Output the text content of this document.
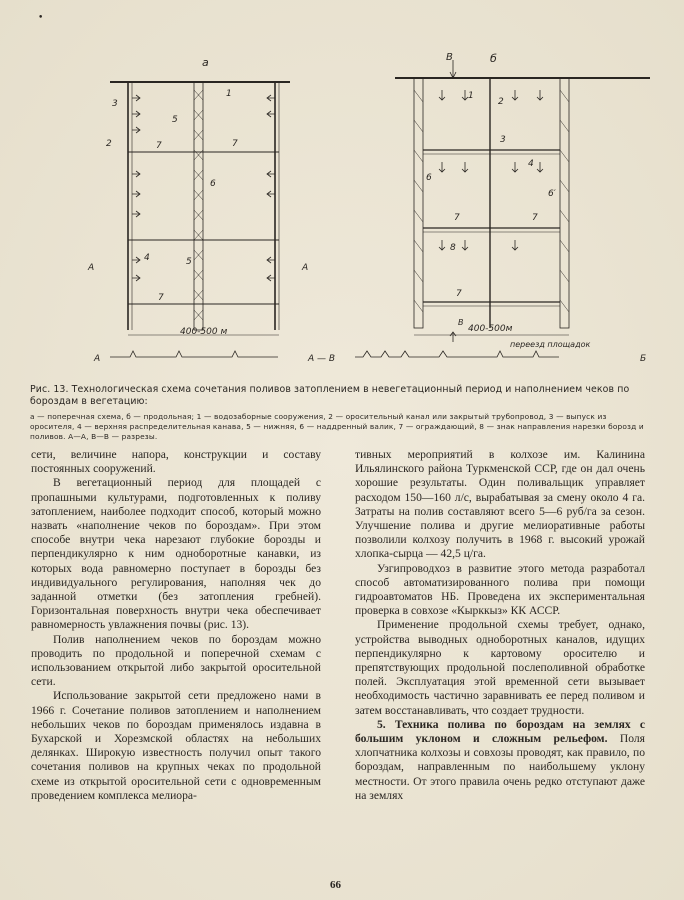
•
а	В	б
400-500 м	400-500м
А	А
А	А — В	Б
В
переезд площадок
1
3
2
5
7	7
6
5
4
7
1
2
3
4
6
6′
7	7
8
7
Рис. 13. Технологическая схема сочетания поливов затоплением в невегетационный период и наполнением чеков по бороздам в вегетацию:
а — поперечная схема, б — продольная; 1 — водозаборные сооружения, 2 — оросительный канал или закрытый трубопровод, 3 — выпуск из оросителя, 4 — верхняя распределительная канава, 5 — нижняя, 6 — наддренный валик, 7 — ограждающий, 8 — знак направления нарезки борозд и поливов. А—А, В—В — разрезы.

сети, величине напора, конструкции и составу постоянных сооружений.

В вегетационный период для площадей с пропашными культурами, подготовленных к поливу затоплением, наиболее подходит способ, который можно назвать «наполнение чеков по бороздам». При этом способе внутри чека нарезают глубокие борозды и перпендикулярно к ним одноборотные канавки, из которых вода равномерно поступает в борозды без индивидуального регулирования, наполняя чек до заданной отметки (без затопления гребней). Горизонтальная поверхность внутри чека обеспечивает равномерность увлажнения почвы (рис. 13).

Полив наполнением чеков по бороздам можно проводить по продольной и поперечной схемам с использованием открытой либо закрытой оросительной сети.

Использование закрытой сети предложено нами в 1966 г. Сочетание поливов затоплением и наполнением небольших чеков по бороздам применялось издавна в Бухарской и Хорезмской областях на небольших делянках. Широкую известность получил опыт такого сочетания поливов на крупных чеках по продольной схеме из открытой оросительной сети с одновременным проведением комплекса мелиора-

тивных мероприятий в колхозе им. Калинина Ильялинского района Туркменской ССР, где он дал очень хорошие результаты. Один поливальщик управляет расходом 150—160 л/с, вырабатывая за смену около 4 га. Затраты на полив составляют всего 5—6 руб/га за сезон. Улучшение полива и другие мелиоративные работы позволили колхозу получить в 1968 г. высокий урожай хлопка-сырца — 42,5 ц/га.

Узгипроводхоз в развитие этого метода разработал способ автоматизированного полива при помощи гидроавтоматов НБ. Проведена их экспериментальная проверка в совхозе «Кырккыз» КК АССР.

Применение продольной схемы требует, однако, устройства выводных одноборотных каналов, идущих перпендикулярно к картовому оросителю и препятствующих продольной послеполивной обработке полей. Эксплуатация этой временной сети вызывает необходимость частично заравнивать ее перед поливом и затем восстанавливать, что создает трудности.

5. Техника полива по бороздам на землях с большим уклоном и сложным рельефом. Поля хлопчатника колхозы и совхозы проводят, как правило, по бороздам, направленным по наибольшему уклону местности. От этого правила очень редко отступают даже на землях

66
